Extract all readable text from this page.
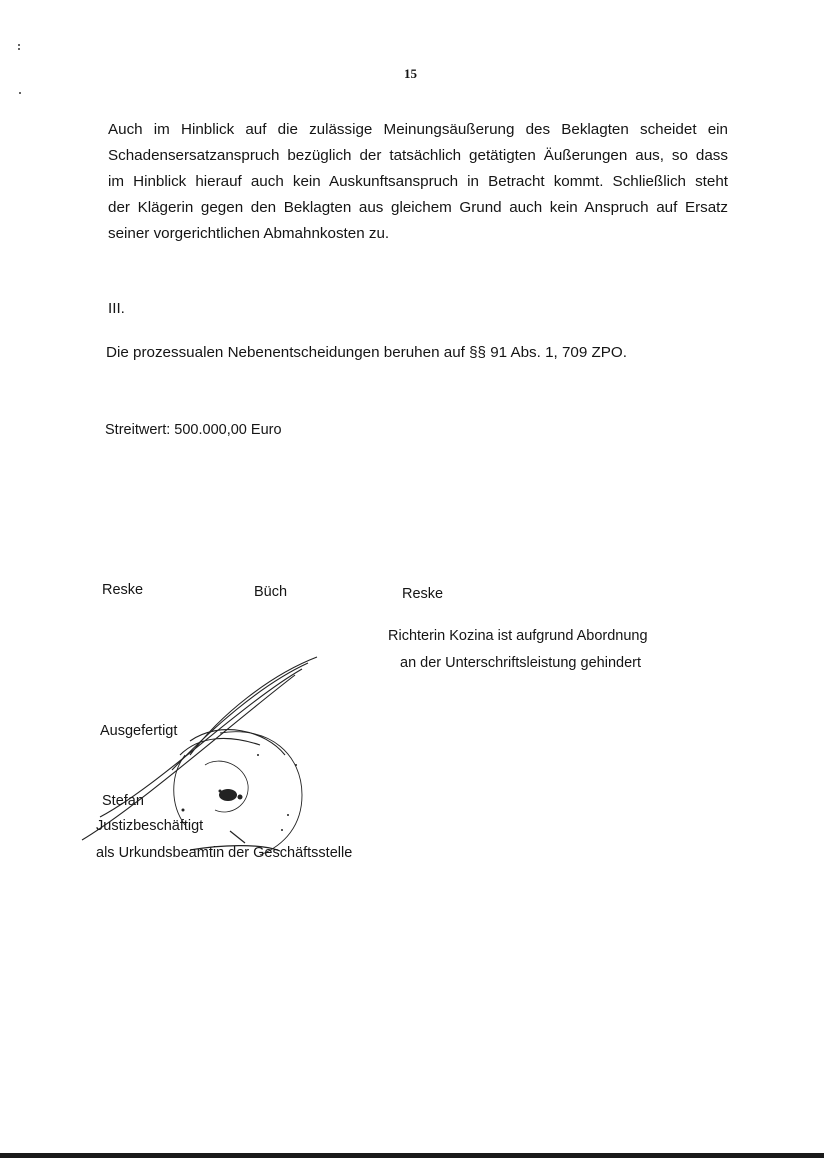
15
Auch im Hinblick auf die zulässige Meinungsäußerung des Beklagten scheidet ein
Schadensersatzanspruch bezüglich der tatsächlich getätigten Äußerungen aus, so dass
im Hinblick hierauf auch kein Auskunftsanspruch in Betracht kommt. Schließlich steht
der Klägerin gegen den Beklagten aus gleichem Grund auch kein Anspruch auf Ersatz
seiner vorgerichtlichen Abmahnkosten zu.
III.
Die prozessualen Nebenentscheidungen beruhen auf §§ 91 Abs. 1, 709 ZPO.
Streitwert: 500.000,00 Euro
Reske	Büch	Reske
Richterin Kozina ist aufgrund Abordnung
an der Unterschriftsleistung gehindert
Ausgefertigt
Stefan
Justizbeschäftigt
als Urkundsbeamtin der Geschäftsstelle
